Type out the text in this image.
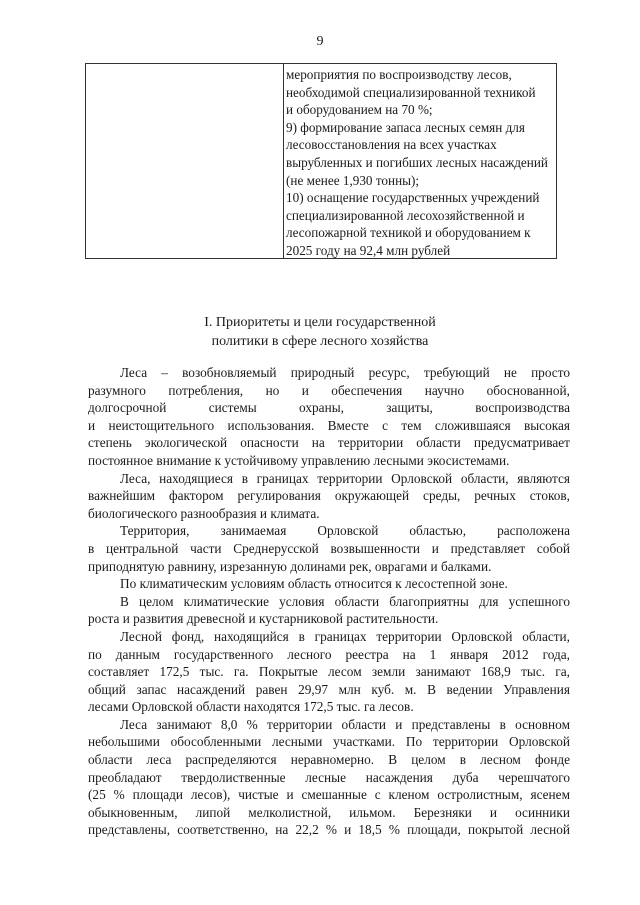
9
мероприятия по воспроизводству лесов,
необходимой специализированной техникой
и оборудованием на 70 %;
9) формирование запаса лесных семян для
лесовосстановления на всех участках
вырубленных и погибших лесных насаждений
(не менее 1,930 тонны);
10) оснащение государственных учреждений
специализированной лесохозяйственной и
лесопожарной техникой и оборудованием к
2025 году на 92,4 млн рублей
I. Приоритеты и цели государственной
политики в сфере лесного хозяйства
Леса – возобновляемый природный ресурс, требующий не просто
разумного потребления, но и обеспечения научно обоснованной,
долгосрочной системы охраны, защиты, воспроизводства
и неистощительного использования. Вместе с тем сложившаяся высокая
степень экологической опасности на территории области предусматривает
постоянное внимание к устойчивому управлению лесными экосистемами.
Леса, находящиеся в границах территории Орловской области, являются
важнейшим фактором регулирования окружающей среды, речных стоков,
биологического разнообразия и климата.
Территория, занимаемая Орловской областью, расположена
в центральной части Среднерусской возвышенности и представляет собой
приподнятую равнину, изрезанную долинами рек, оврагами и балками.
По климатическим условиям область относится к лесостепной зоне.
В целом климатические условия области благоприятны для успешного
роста и развития древесной и кустарниковой растительности.
Лесной фонд, находящийся в границах территории Орловской области,
по данным государственного лесного реестра на 1 января 2012 года,
составляет 172,5 тыс. га. Покрытые лесом земли занимают 168,9 тыс. га,
общий запас насаждений равен 29,97 млн куб. м. В ведении Управления
лесами Орловской области находятся 172,5 тыс. га лесов.
Леса занимают 8,0 % территории области и представлены в основном
небольшими обособленными лесными участками. По территории Орловской
области леса распределяются неравномерно. В целом в лесном фонде
преобладают твердолиственные лесные насаждения дуба черешчатого
(25 % площади лесов), чистые и смешанные с кленом остролистным, ясенем
обыкновенным, липой мелколистной, ильмом. Березняки и осинники
представлены, соответственно, на 22,2 % и 18,5 % площади, покрытой лесной
